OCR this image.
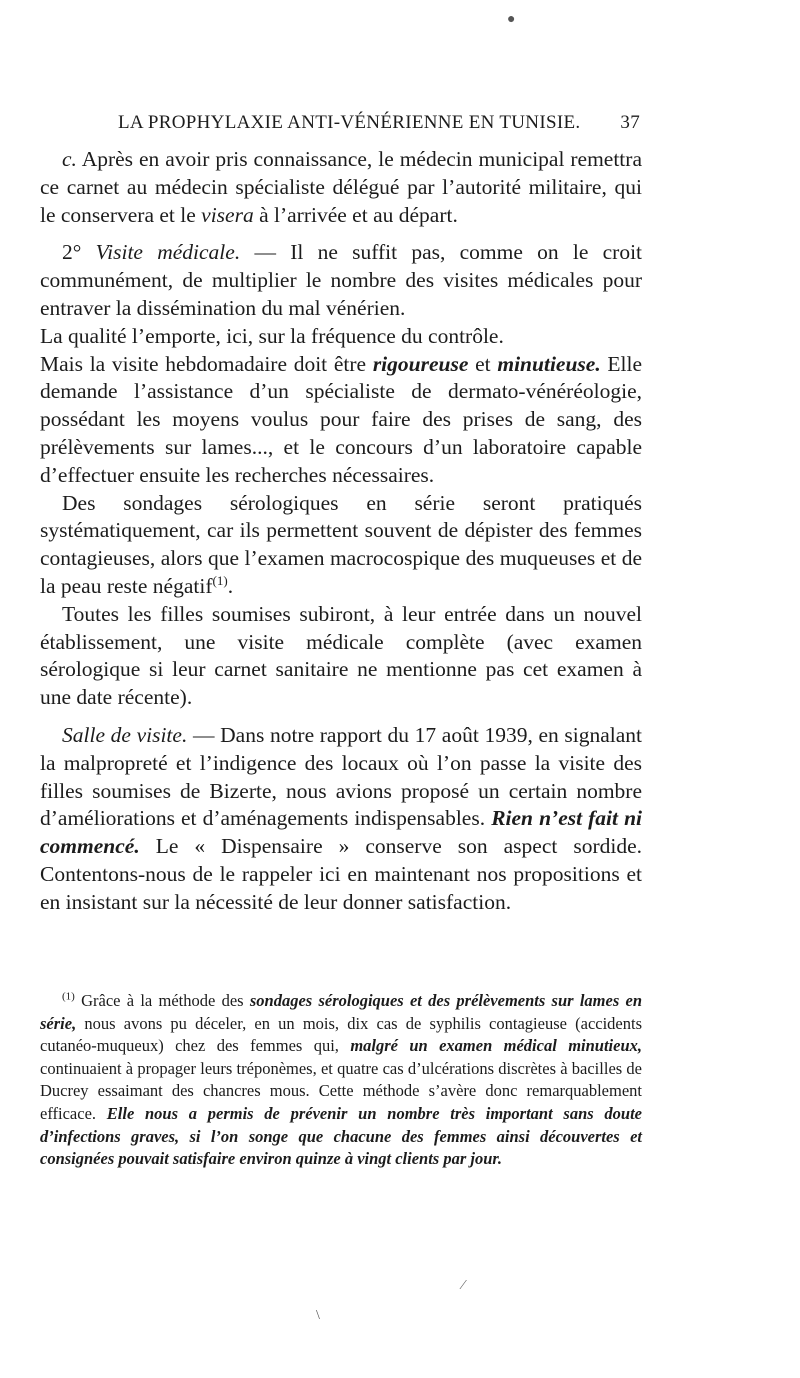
LA PROPHYLAXIE ANTI-VÉNÉRIENNE EN TUNISIE. 37

c. Après en avoir pris connaissance, le médecin municipal remettra ce carnet au médecin spécialiste délégué par l’autorité militaire, qui le conservera et le visera à l’arrivée et au départ.

2° Visite médicale. — Il ne suffit pas, comme on le croit communément, de multiplier le nombre des visites médicales pour entraver la dissémination du mal vénérien.

La qualité l’emporte, ici, sur la fréquence du contrôle.

Mais la visite hebdomadaire doit être rigoureuse et minutieuse. Elle demande l’assistance d’un spécialiste de dermato-vénéréologie, possédant les moyens voulus pour faire des prises de sang, des prélèvements sur lames..., et le concours d’un laboratoire capable d’effectuer ensuite les recherches nécessaires.

Des sondages sérologiques en série seront pratiqués systématiquement, car ils permettent souvent de dépister des femmes contagieuses, alors que l’examen macrocospique des muqueuses et de la peau reste négatif$^{(1)}$.

Toutes les filles soumises subiront, à leur entrée dans un nouvel établissement, une visite médicale complète (avec examen sérologique si leur carnet sanitaire ne mentionne pas cet examen à une date récente).

Salle de visite. — Dans notre rapport du 17 août 1939, en signalant la malpropreté et l’indigence des locaux où l’on passe la visite des filles soumises de Bizerte, nous avions proposé un certain nombre d’améliorations et d’aménagements indispensables. Rien n’est fait ni commencé. Le « Dispensaire » conserve son aspect sordide. Contentons-nous de le rappeler ici en maintenant nos propositions et en insistant sur la nécessité de leur donner satisfaction.

$^{(1)}$ Grâce à la méthode des sondages sérologiques et des prélèvements sur lames en série, nous avons pu déceler, en un mois, dix cas de syphilis contagieuse (accidents cutanéo-muqueux) chez des femmes qui, malgré un examen médical minutieux, continuaient à propager leurs tréponèmes, et quatre cas d’ulcérations discrètes à bacilles de Ducrey essaimant des chancres mous. Cette méthode s’avère donc remarquablement efficace. Elle nous a permis de prévenir un nombre très important sans doute d’infections graves, si l’on songe que chacune des femmes ainsi découvertes et consignées pouvait satisfaire environ quinze à vingt clients par jour.

●
⁄
\
